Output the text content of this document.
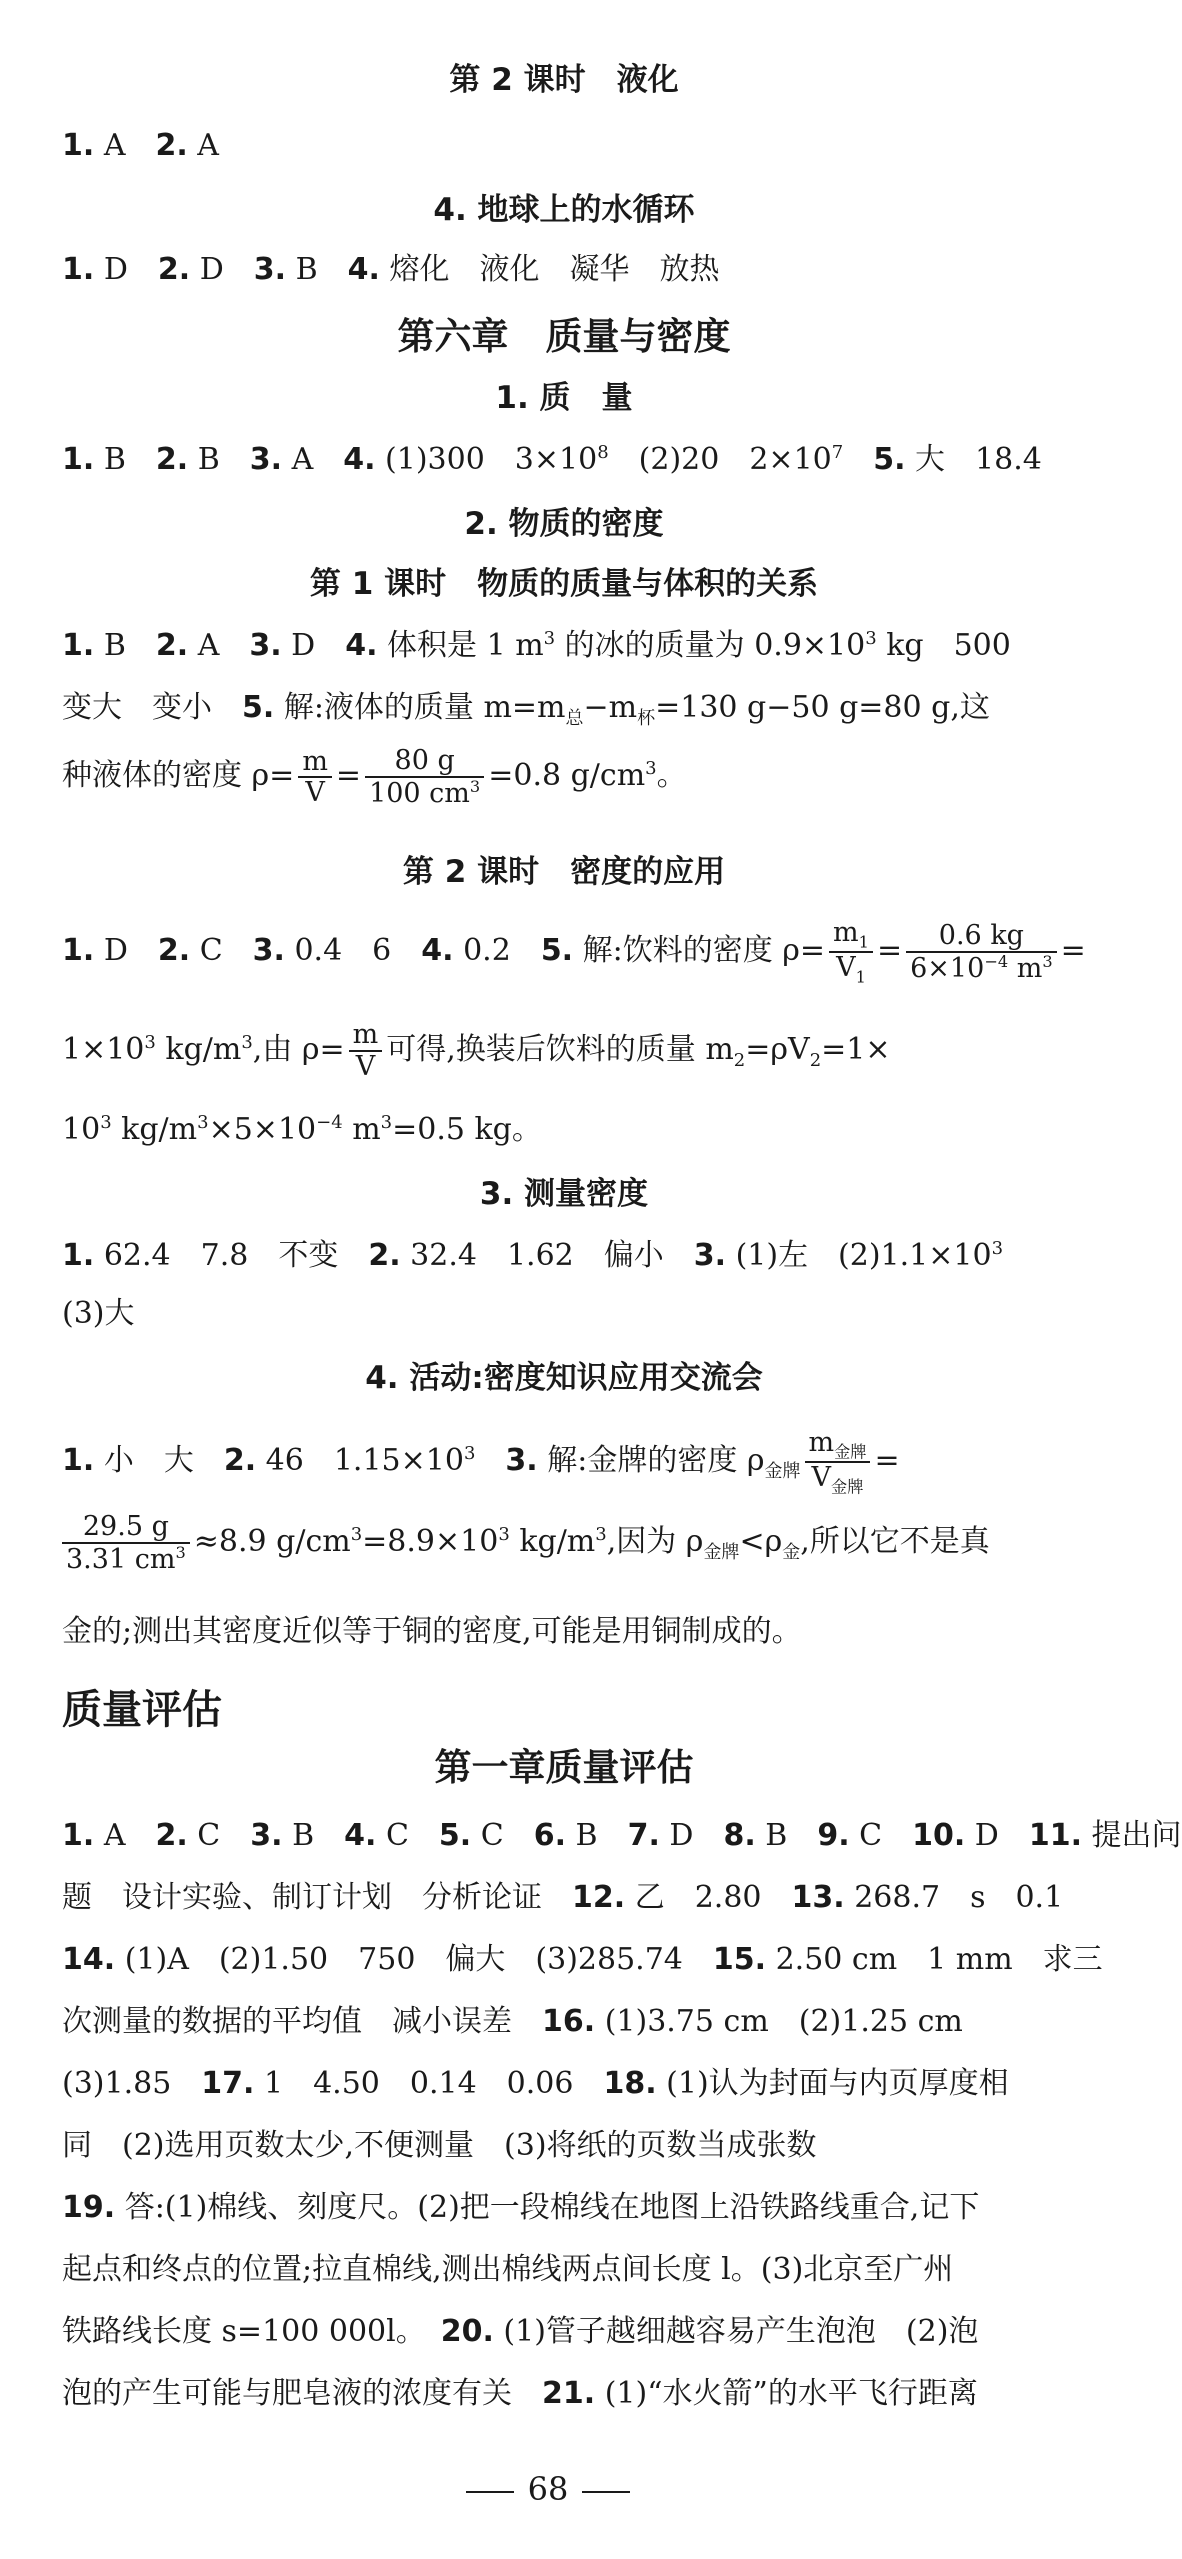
第 2 课时　液化
1. A　2. A
4. 地球上的水循环
1. D　2. D　3. B　4. 熔化　液化　凝华　放热
第六章　质量与密度
1. 质　量
1. B　2. B　3. A　4. (1)300　$3\times 10^8$　(2)20　$2\times 10^7$　 5. 大　18.4
2. 物质的密度
第 1 课时　物质的质量与体积的关系
1. B　2. A　3. D　4. 体积是 1 $m^3$ 的冰的质量为 $0.9\times 10^3$ kg　500
变大　变小　5. 解:液体的质量 $m=m_总-m_杯=130$ g−50 g=80 g,这
种液体的密度 $\rho= \frac{m}{V} = \frac{80 g}{100 cm^3} =0.8$ $g/cm^3$。
第 2 课时　密度的应用
1. D　2. C　3. 0.4　6　4. 0.2　5. 解:饮料的密度 $\rho= \frac{m_1}{V_1} = \frac{0.6 kg}{6\times 10^{-4} m^3}$ =
$1\times 10^3$ $kg/m^3$,由 $\rho= \frac{m}{V}$ 可得,换装后饮料的质量 $m_2=\rho V_2=1\times$
$10^3$ $kg/m^3\times 5\times 10^{-4}$ $m^3=0.5$ kg。
3. 测量密度
1. 62.4　7.8　不变　2. 32.4　1.62　偏小　3. (1)左　$(2)1.1\times 10^3$
(3)大
4. 活动:密度知识应用交流会
1. 小　大　2. 46　$1.15\times 10^3$　 3. 解:金牌的密度 $\rho_{金牌} \frac{m_{金牌}}{V_{金牌}}$ =
$\frac{29.5 g}{3.31 cm^3} \approx 8.9$ $g/cm^3=8.9\times 10^3$ $kg/m^3$,因为 $\rho_{金牌}<\rho_金$,所以它不是真
金的;测出其密度近似等于铜的密度,可能是用铜制成的。
质量评估
第一章质量评估
1. A　2. C　3. B　4. C　5. C　6. B　7. D　8. B　9. C　10. D　11. 提出问
题　设计实验、制订计划　分析论证　12. 乙　2.80　13. 268.7　s　0.1
14. (1)A　(2)1.50　750　偏大　(3)285.74　15. 2.50 cm　1 mm　求三
次测量的数据的平均值　减小误差　16. (1)3.75 cm　(2)1.25 cm
(3)1.85　17. 1　4.50　0.14　0.06　18. (1)认为封面与内页厚度相
同　(2)选用页数太少,不便测量　(3)将纸的页数当成张数
19. 答:(1)棉线、刻度尺。(2)把一段棉线在地图上沿铁路线重合,记下
起点和终点的位置;拉直棉线,测出棉线两点间长度 l。(3)北京至广州
铁路线长度 s=100 000l。　20. (1)管子越细越容易产生泡泡　(2)泡
泡的产生可能与肥皂液的浓度有关　21. (1)“水火箭”的水平飞行距离
68
